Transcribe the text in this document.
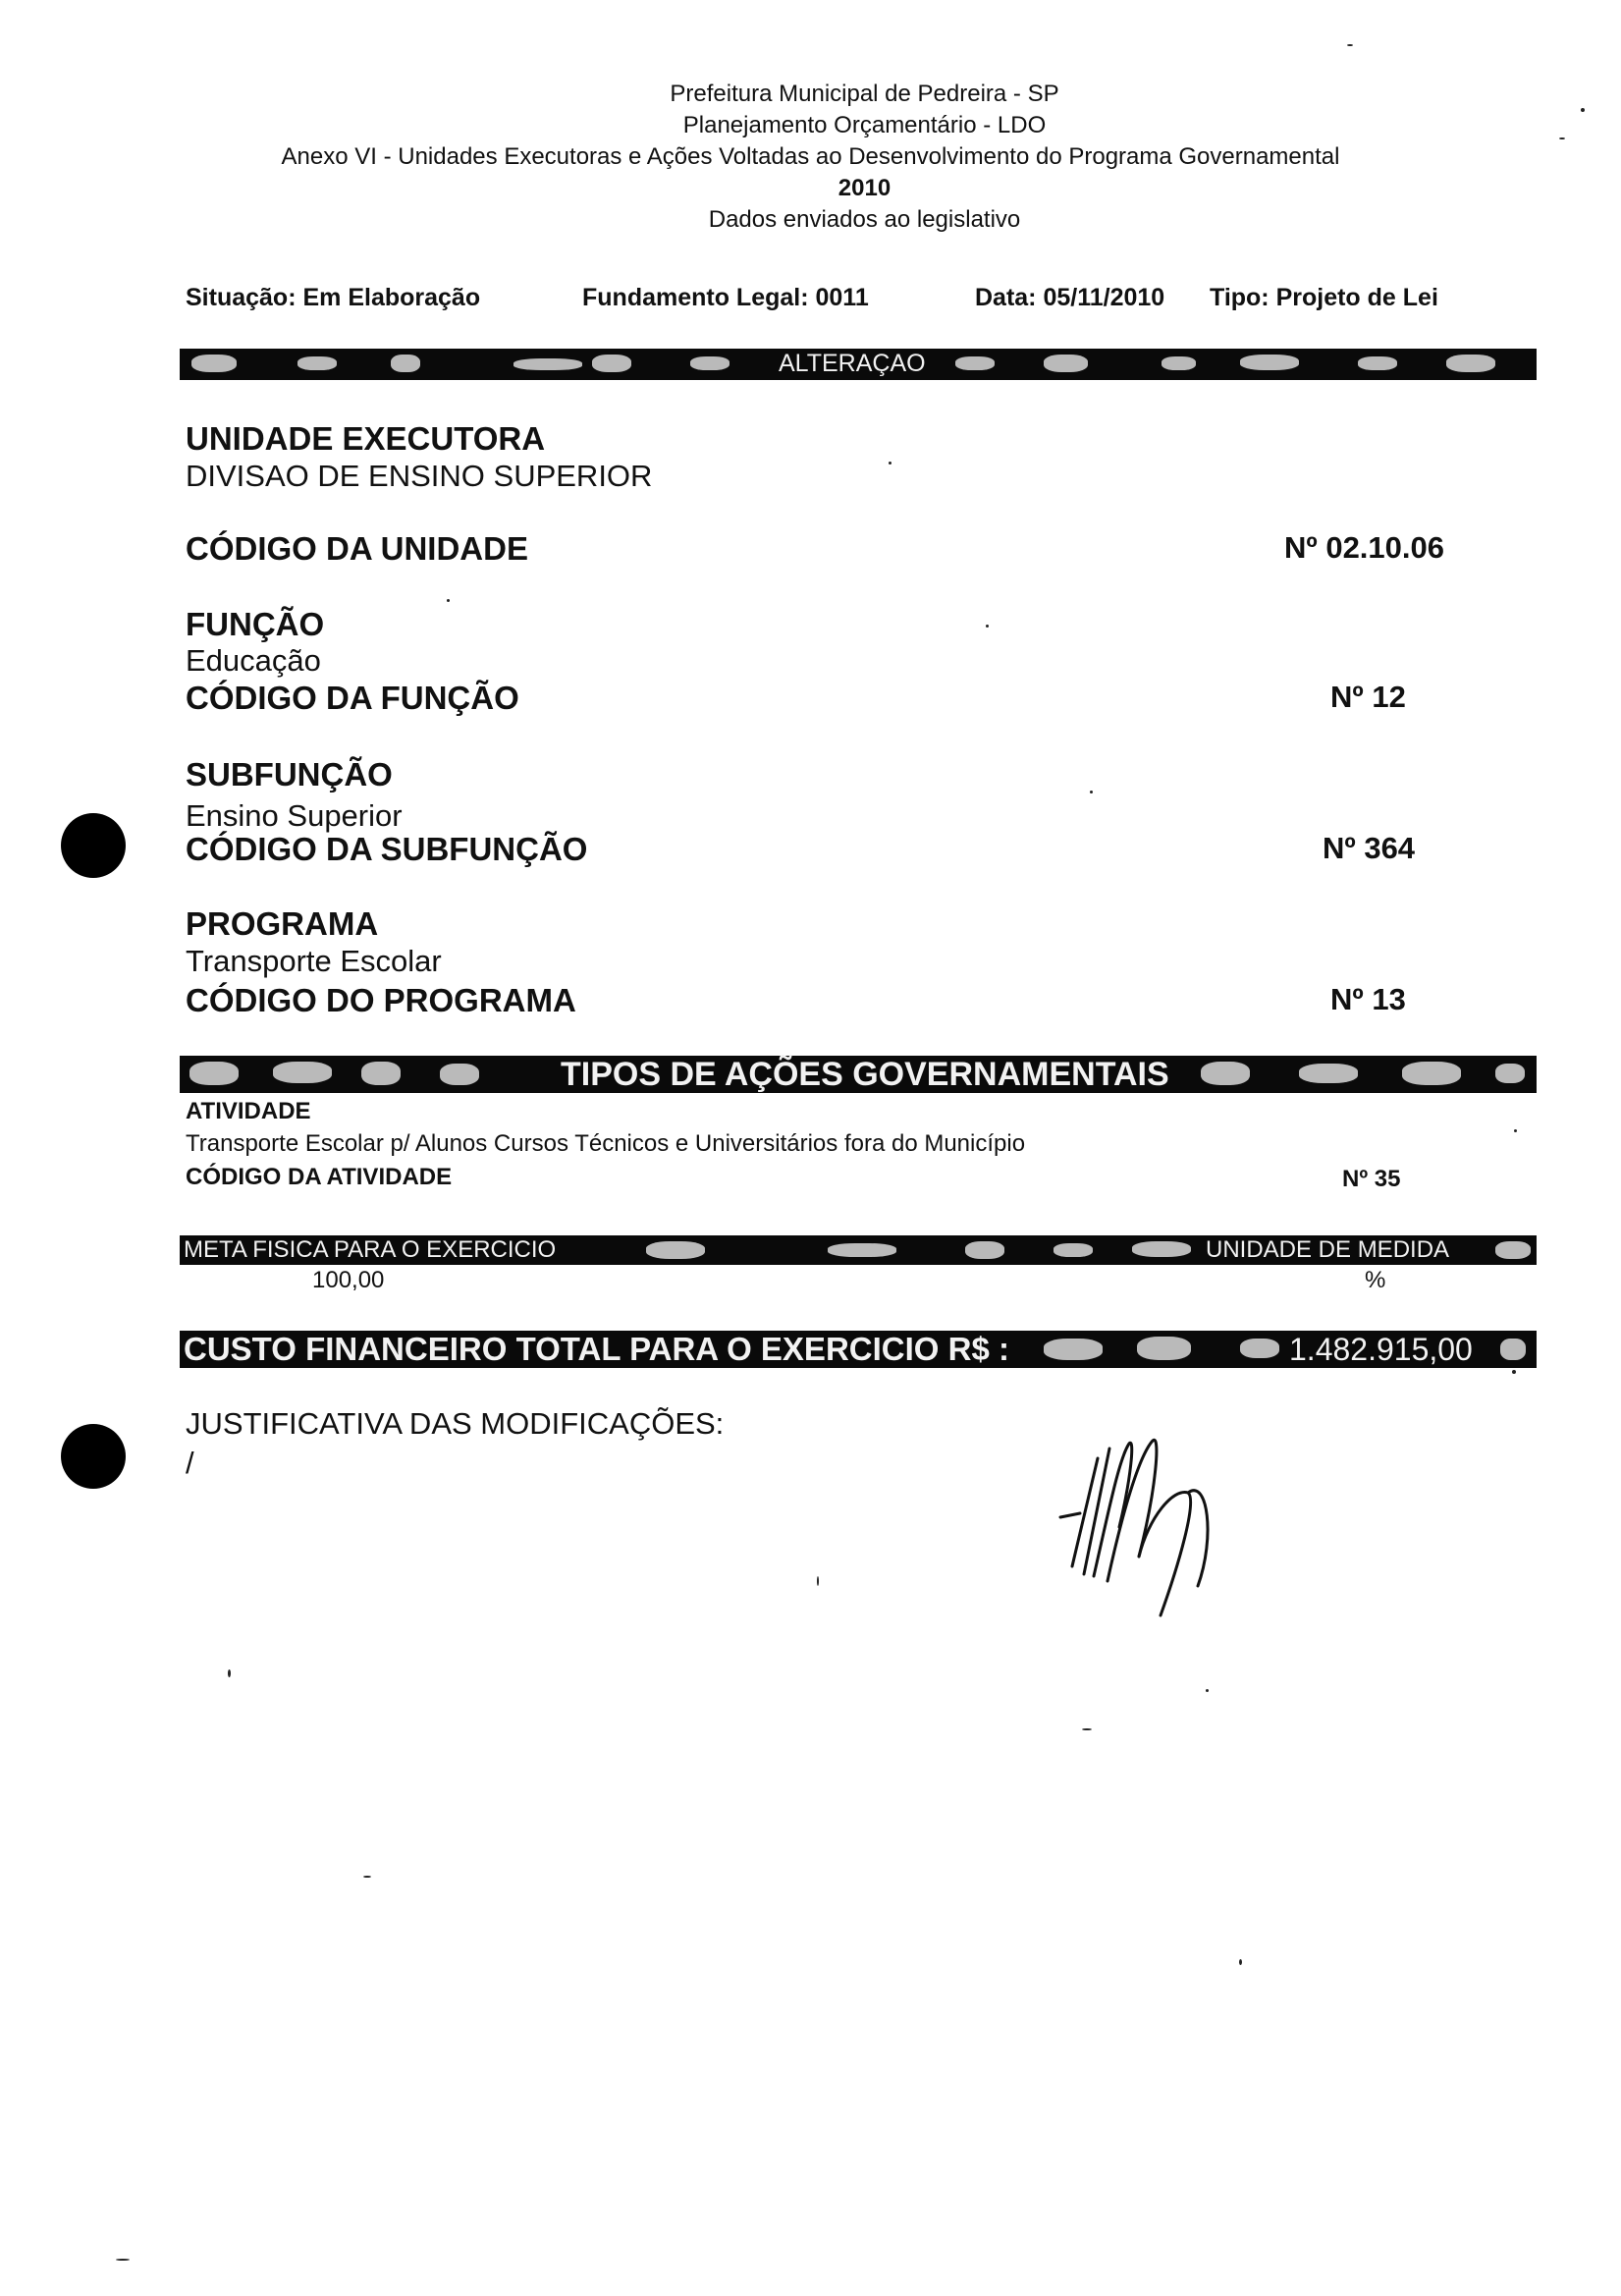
Prefeitura Municipal de Pedreira - SP
Planejamento Orçamentário - LDO
Anexo VI - Unidades Executoras e Ações Voltadas ao Desenvolvimento do Programa Governamental
2010
Dados enviados ao legislativo
Situação: Em Elaboração	Fundamento Legal: 0011	Data: 05/11/2010 Tipo: Projeto de Lei
ALTERAÇAO
UNIDADE EXECUTORA
DIVISAO DE ENSINO SUPERIOR
CÓDIGO DA UNIDADE	Nº 02.10.06
FUNÇÃO
Educação
CÓDIGO DA FUNÇÃO	Nº 12
SUBFUNÇÃO
Ensino Superior
CÓDIGO DA SUBFUNÇÃO	Nº 364
PROGRAMA
Transporte Escolar
CÓDIGO DO PROGRAMA	Nº 13
TIPOS DE AÇÕES GOVERNAMENTAIS
ATIVIDADE
Transporte Escolar p/ Alunos Cursos Técnicos e Universitários fora do Município
CÓDIGO DA ATIVIDADE	Nº 35
META FISICA PARA O EXERCICIO	UNIDADE DE MEDIDA
100,00	%
CUSTO FINANCEIRO TOTAL PARA O EXERCICIO R$ :	1.482.915,00
JUSTIFICATIVA DAS MODIFICAÇÕES:
/
